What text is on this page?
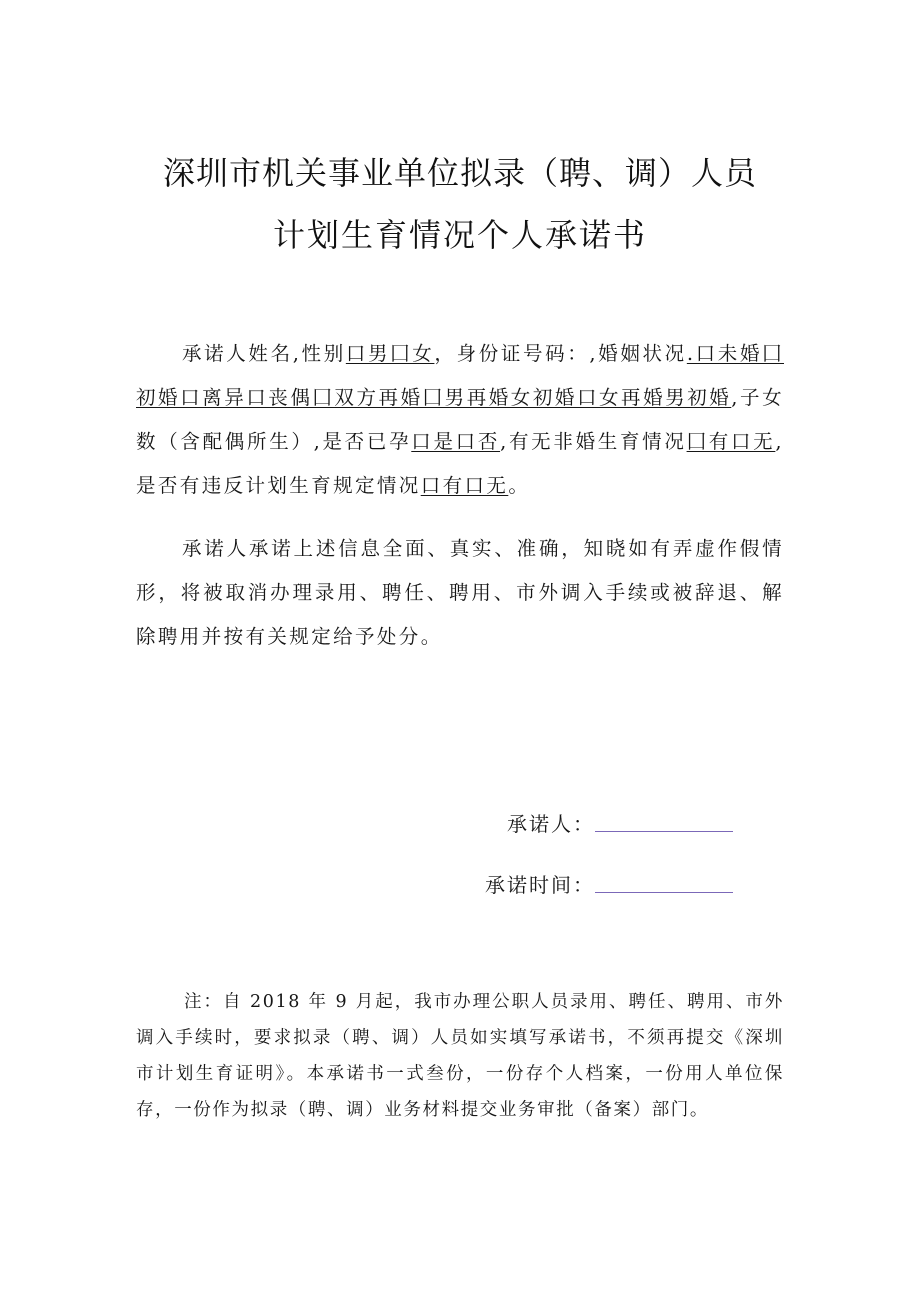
深圳市机关事业单位拟录（聘、调）人员
计划生育情况个人承诺书

承诺人姓名,性别口男囗女，身份证号码：,婚姻状况.口未婚囗初婚口离异口丧偶囗双方再婚囗男再婚女初婚口女再婚男初婚,子女数（含配偶所生）,是否已孕口是口否,有无非婚生育情况囗有口无,是否有违反计划生育规定情况口有口无。

承诺人承诺上述信息全面、真实、准确，知晓如有弄虚作假情形，将被取消办理录用、聘任、聘用、市外调入手续或被辞退、解除聘用并按有关规定给予处分。

承诺人：
承诺时间：

注：自 2018 年 9 月起，我市办理公职人员录用、聘任、聘用、市外调入手续时，要求拟录（聘、调）人员如实填写承诺书，不须再提交《深圳市计划生育证明》。本承诺书一式叁份，一份存个人档案，一份用人单位保存，一份作为拟录（聘、调）业务材料提交业务审批（备案）部门。
